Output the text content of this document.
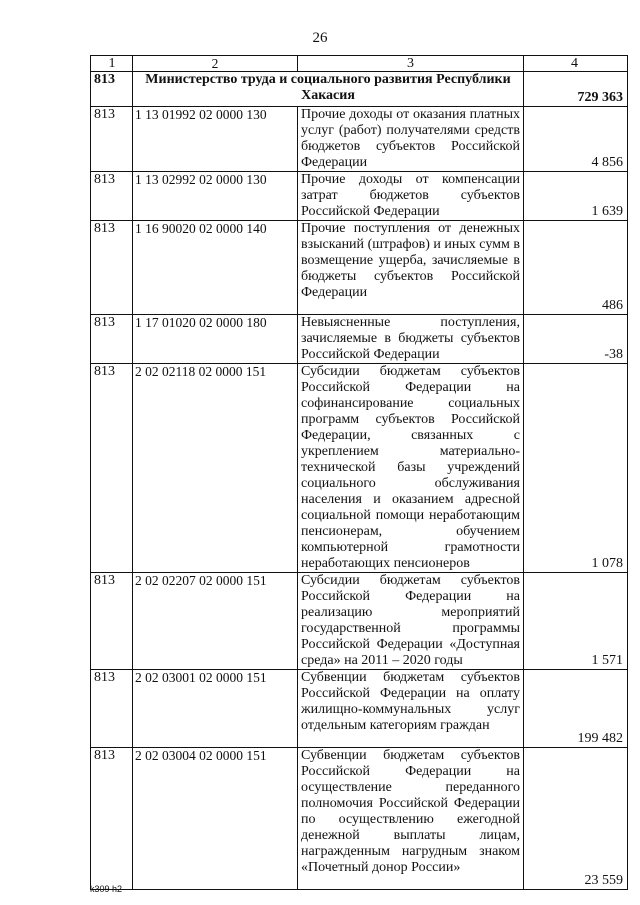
26
1	2	3	4
813	Министерство труда и социального развития Республики Хакасия		729 363
813	1 13 01992 02 0000 130	Прочие доходы от оказания платных услуг (работ) получателями средств бюджетов субъектов Российской Федерации	4 856
813	1 13 02992 02 0000 130	Прочие доходы от компенсации затрат бюджетов субъектов Российской Федерации	1 639
813	1 16 90020 02 0000 140	Прочие поступления от денежных взысканий (штрафов) и иных сумм в возмещение ущерба, зачисляемые в бюджеты субъектов Российской Федерации	486
813	1 17 01020 02 0000 180	Невыясненные поступления, зачисляемые в бюджеты субъектов Российской Федерации	-38
813	2 02 02118 02 0000 151	Субсидии бюджетам субъектов Российской Федерации на софинансирование социальных программ субъектов Российской Федерации, связанных с укреплением материально-технической базы учреждений социального обслуживания населения и оказанием адресной социальной помощи неработающим пенсионерам, обучением компьютерной грамотности неработающих пенсионеров	1 078
813	2 02 02207 02 0000 151	Субсидии бюджетам субъектов Российской Федерации на реализацию мероприятий государственной программы Российской Федерации «Доступная среда» на 2011 – 2020 годы	1 571
813	2 02 03001 02 0000 151	Субвенции бюджетам субъектов Российской Федерации на оплату жилищно-коммунальных услуг отдельным категориям граждан	199 482
813	2 02 03004 02 0000 151	Субвенции бюджетам субъектов Российской Федерации на осуществление переданного полномочия Российской Федерации по осуществлению ежегодной денежной выплаты лицам, награжденным нагрудным знаком «Почетный донор России»	23 559
k309 h2
